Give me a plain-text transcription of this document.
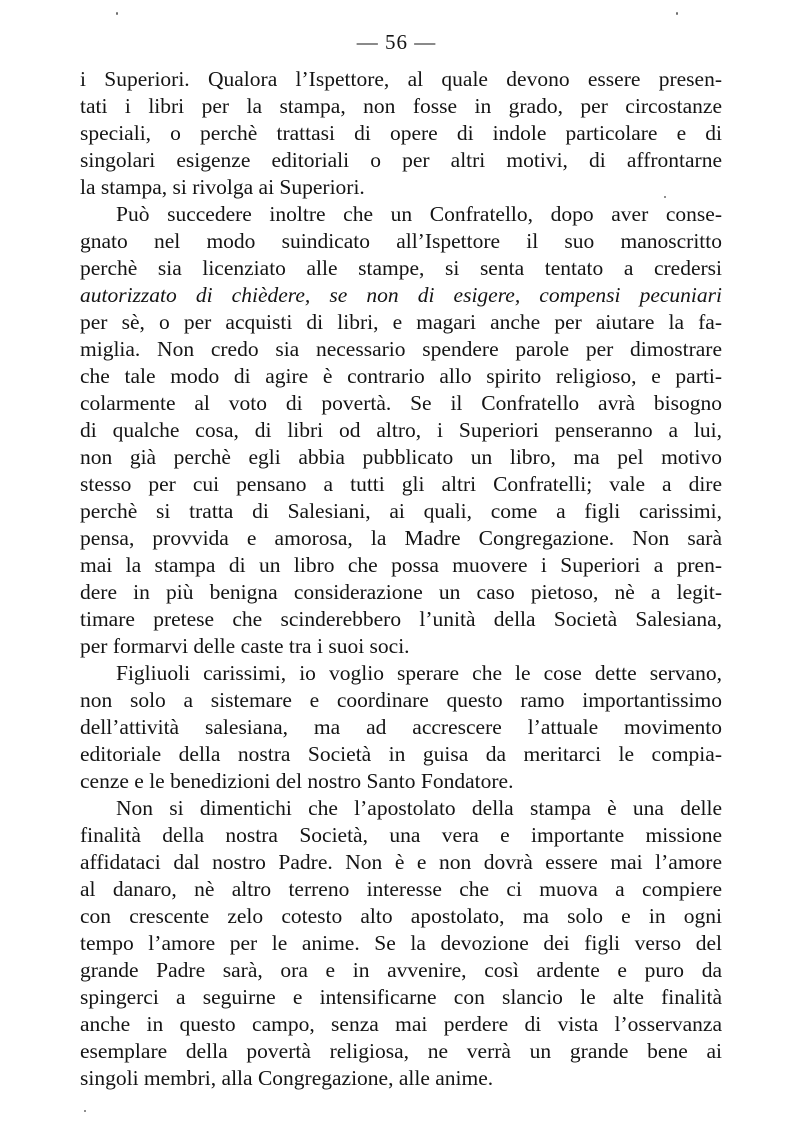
— 56 —
i Superiori. Qualora l’Ispettore, al quale devono essere presen-
tati i libri per la stampa, non fosse in grado, per circostanze
speciali, o perchè trattasi di opere di indole particolare e di
singolari esigenze editoriali o per altri motivi, di affrontarne
la stampa, si rivolga ai Superiori.
Può succedere inoltre che un Confratello, dopo aver conse-
gnato nel modo suindicato all’Ispettore il suo manoscritto
perchè sia licenziato alle stampe, si senta tentato a credersi
autorizzato di chièdere, se non di esigere, compensi pecuniari
per sè, o per acquisti di libri, e magari anche per aiutare la fa-
miglia. Non credo sia necessario spendere parole per dimostrare
che tale modo di agire è contrario allo spirito religioso, e parti-
colarmente al voto di povertà. Se il Confratello avrà bisogno
di qualche cosa, di libri od altro, i Superiori penseranno a lui,
non già perchè egli abbia pubblicato un libro, ma pel motivo
stesso per cui pensano a tutti gli altri Confratelli; vale a dire
perchè si tratta di Salesiani, ai quali, come a figli carissimi,
pensa, provvida e amorosa, la Madre Congregazione. Non sarà
mai la stampa di un libro che possa muovere i Superiori a pren-
dere in più benigna considerazione un caso pietoso, nè a legit-
timare pretese che scinderebbero l’unità della Società Salesiana,
per formarvi delle caste tra i suoi soci.
Figliuoli carissimi, io voglio sperare che le cose dette servano,
non solo a sistemare e coordinare questo ramo importantissimo
dell’attività salesiana, ma ad accrescere l’attuale movimento
editoriale della nostra Società in guisa da meritarci le compia-
cenze e le benedizioni del nostro Santo Fondatore.
Non si dimentichi che l’apostolato della stampa è una delle
finalità della nostra Società, una vera e importante missione
affidataci dal nostro Padre. Non è e non dovrà essere mai l’amore
al danaro, nè altro terreno interesse che ci muova a compiere
con crescente zelo cotesto alto apostolato, ma solo e in ogni
tempo l’amore per le anime. Se la devozione dei figli verso del
grande Padre sarà, ora e in avvenire, così ardente e puro da
spingerci a seguirne e intensificarne con slancio le alte finalità
anche in questo campo, senza mai perdere di vista l’osservanza
esemplare della povertà religiosa, ne verrà un grande bene ai
singoli membri, alla Congregazione, alle anime.
